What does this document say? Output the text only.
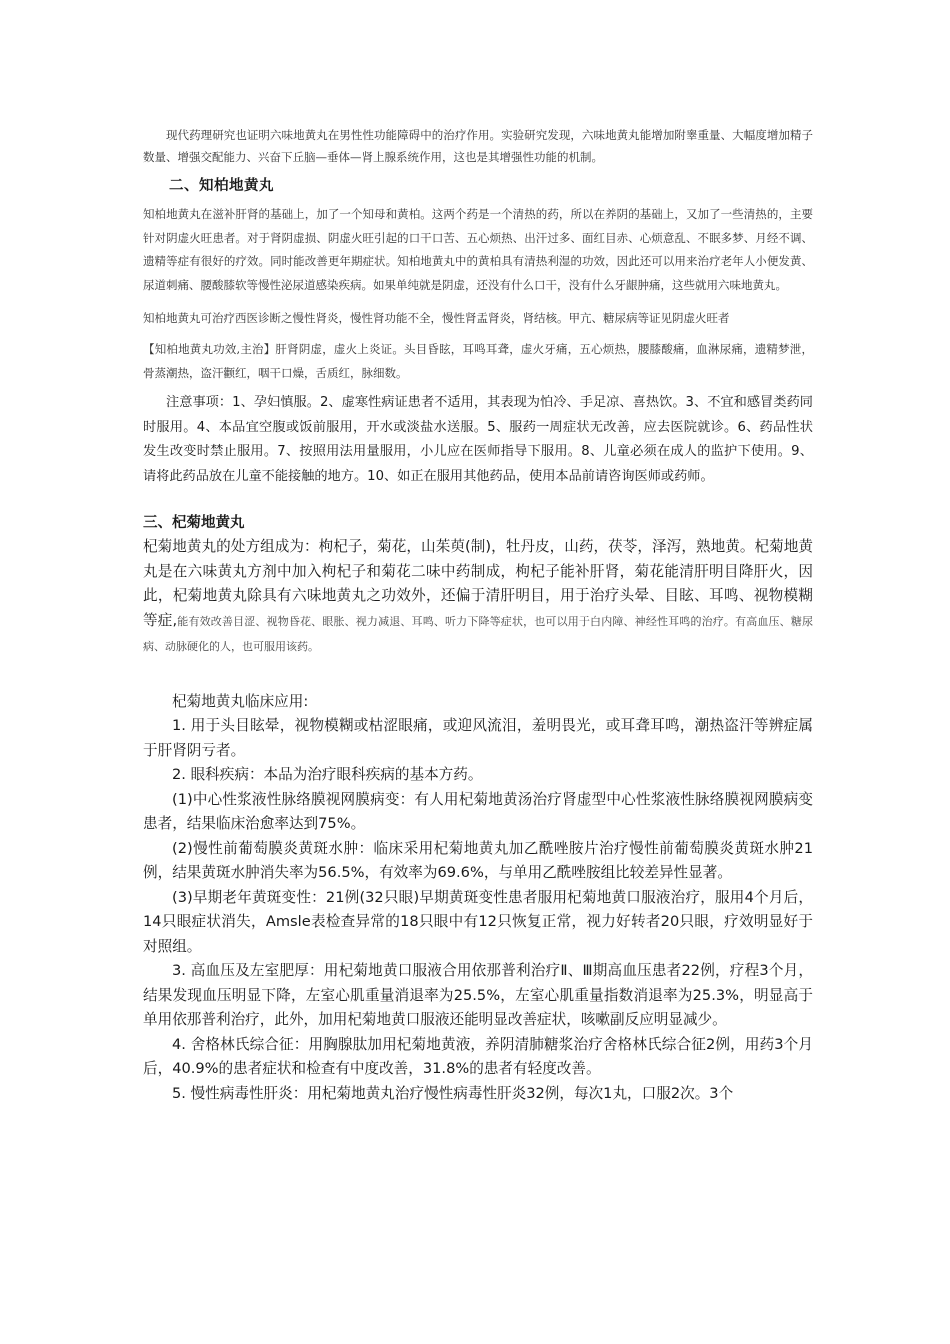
现代药理研究也证明六味地黄丸在男性性功能障碍中的治疗作用。实验研究发现，六味地黄丸能增加附睾重量、大幅度增加精子数量、增强交配能力、兴奋下丘脑—垂体—肾上腺系统作用，这也是其增强性功能的机制。

二、知柏地黄丸

知柏地黄丸在滋补肝肾的基础上，加了一个知母和黄柏。这两个药是一个清热的药，所以在养阴的基础上，又加了一些清热的，主要针对阴虚火旺患者。对于肾阴虚损、阴虚火旺引起的口干口苦、五心烦热、出汗过多、面红目赤、心烦意乱、不眠多梦、月经不调、遗精等症有很好的疗效。同时能改善更年期症状。知柏地黄丸中的黄柏具有清热利湿的功效，因此还可以用来治疗老年人小便发黄、尿道刺痛、腰酸膝软等慢性泌尿道感染疾病。如果单纯就是阴虚，还没有什么口干，没有什么牙龈肿痛，这些就用六味地黄丸。

知柏地黄丸可治疗西医诊断之慢性肾炎，慢性肾功能不全，慢性肾盂肾炎，肾结核。甲亢、糖尿病等证见阴虚火旺者

【知柏地黄丸功效,主治】肝肾阴虚，虚火上炎证。头目昏眩，耳鸣耳聋，虚火牙痛，五心烦热，腰膝酸痛，血淋尿痛，遗精梦泄，骨蒸潮热，盗汗颧红，咽干口燥，舌质红，脉细数。

注意事项：1、孕妇慎服。2、虚寒性病证患者不适用，其表现为怕冷、手足凉、喜热饮。3、不宜和感冒类药同时服用。4、本品宜空腹或饭前服用，开水或淡盐水送服。5、服药一周症状无改善，应去医院就诊。6、药品性状发生改变时禁止服用。7、按照用法用量服用，小儿应在医师指导下服用。8、儿童必须在成人的监护下使用。9、请将此药品放在儿童不能接触的地方。10、如正在服用其他药品，使用本品前请咨询医师或药师。

三、杞菊地黄丸

杞菊地黄丸的处方组成为：枸杞子，菊花，山茱萸(制)，牡丹皮，山药，茯苓，泽泻，熟地黄。杞菊地黄丸是在六味黄丸方剂中加入枸杞子和菊花二味中药制成，枸杞子能补肝肾，菊花能清肝明目降肝火，因此，杞菊地黄丸除具有六味地黄丸之功效外，还偏于清肝明目，用于治疗头晕、目眩、耳鸣、视物模糊等症,能有效改善目涩、视物昏花、眼胀、视力减退、耳鸣、听力下降等症状，也可以用于白内障、神经性耳鸣的治疗。有高血压、糖尿病、动脉硬化的人，也可服用该药。

杞菊地黄丸临床应用:

1. 用于头目眩晕，视物模糊或枯涩眼痛，或迎风流泪，羞明畏光，或耳聋耳鸣，潮热盗汗等辨症属于肝肾阴亏者。

2. 眼科疾病：本品为治疗眼科疾病的基本方药。

(1)中心性浆液性脉络膜视网膜病变：有人用杞菊地黄汤治疗肾虚型中心性浆液性脉络膜视网膜病变患者，结果临床治愈率达到75%。

(2)慢性前葡萄膜炎黄斑水肿：临床采用杞菊地黄丸加乙酰唑胺片治疗慢性前葡萄膜炎黄斑水肿21例，结果黄斑水肿消失率为56.5%，有效率为69.6%，与单用乙酰唑胺组比较差异性显著。

(3)早期老年黄斑变性：21例(32只眼)早期黄斑变性患者服用杞菊地黄口服液治疗，服用4个月后，14只眼症状消失，Amsle表检查异常的18只眼中有12只恢复正常，视力好转者20只眼，疗效明显好于对照组。

3. 高血压及左室肥厚：用杞菊地黄口服液合用依那普利治疗Ⅱ、Ⅲ期高血压患者22例，疗程3个月，结果发现血压明显下降，左室心肌重量消退率为25.5%，左室心肌重量指数消退率为25.3%，明显高于单用依那普利治疗，此外，加用杞菊地黄口服液还能明显改善症状，咳嗽副反应明显减少。

4. 舍格林氏综合征：用胸腺肽加用杞菊地黄液，养阴清肺糖浆治疗舍格林氏综合征2例，用药3个月后，40.9%的患者症状和检查有中度改善，31.8%的患者有轻度改善。

5. 慢性病毒性肝炎：用杞菊地黄丸治疗慢性病毒性肝炎32例，每次1丸，口服2次。3个
